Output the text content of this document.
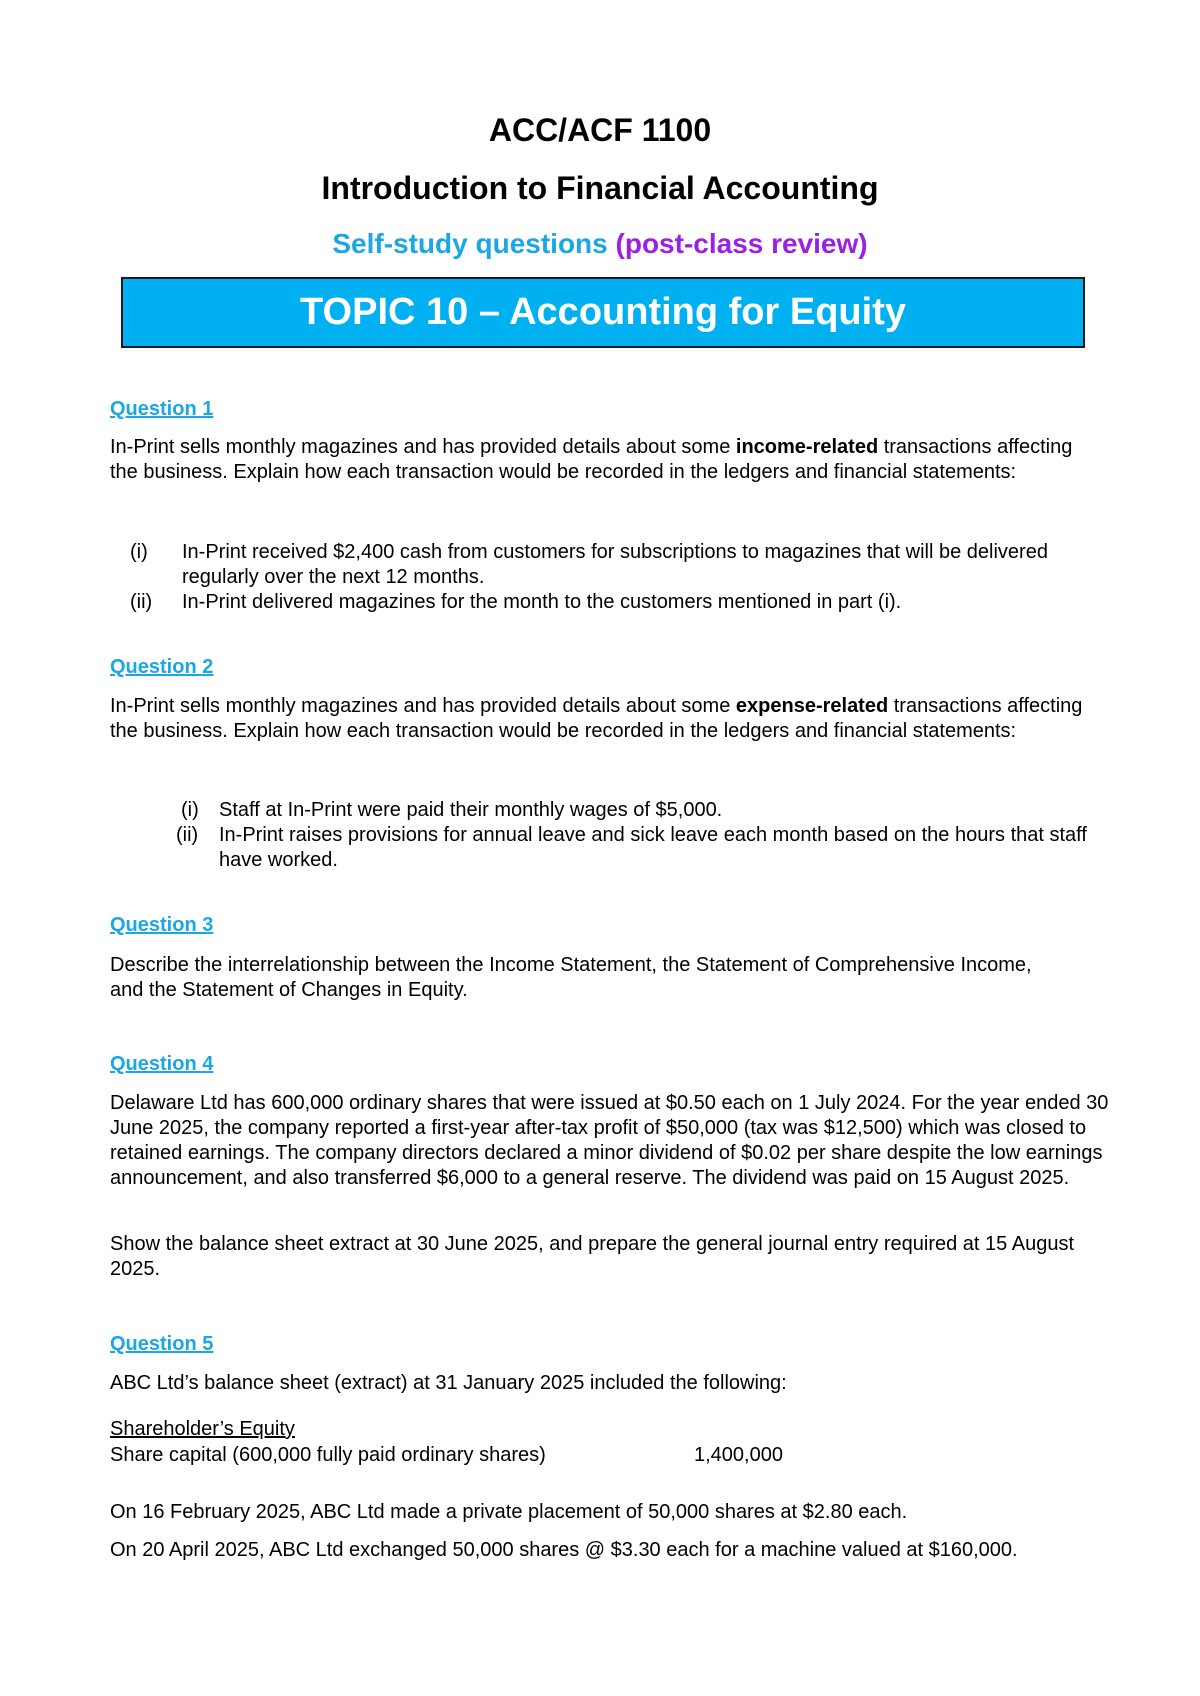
ACC/ACF 1100
Introduction to Financial Accounting
Self-study questions (post-class review)
TOPIC 10 – Accounting for Equity
Question 1
In-Print sells monthly magazines and has provided details about some income-related transactions affecting the business. Explain how each transaction would be recorded in the ledgers and financial statements:
(i)	In-Print received $2,400 cash from customers for subscriptions to magazines that will be delivered regularly over the next 12 months.
(ii)	In-Print delivered magazines for the month to the customers mentioned in part (i).
Question 2
In-Print sells monthly magazines and has provided details about some expense-related transactions affecting the business. Explain how each transaction would be recorded in the ledgers and financial statements:
(i)	Staff at In-Print were paid their monthly wages of $5,000.
(ii)	In-Print raises provisions for annual leave and sick leave each month based on the hours that staff have worked.
Question 3
Describe the interrelationship between the Income Statement, the Statement of Comprehensive Income, and the Statement of Changes in Equity.
Question 4
Delaware Ltd has 600,000 ordinary shares that were issued at $0.50 each on 1 July 2024. For the year ended 30 June 2025, the company reported a first-year after-tax profit of $50,000 (tax was $12,500) which was closed to retained earnings. The company directors declared a minor dividend of $0.02 per share despite the low earnings announcement, and also transferred $6,000 to a general reserve. The dividend was paid on 15 August 2025.
Show the balance sheet extract at 30 June 2025, and prepare the general journal entry required at 15 August 2025.
Question 5
ABC Ltd’s balance sheet (extract) at 31 January 2025 included the following:
Shareholder’s Equity
Share capital (600,000 fully paid ordinary shares)	1,400,000
On 16 February 2025, ABC Ltd made a private placement of 50,000 shares at $2.80 each.
On 20 April 2025, ABC Ltd exchanged 50,000 shares @ $3.30 each for a machine valued at $160,000.
